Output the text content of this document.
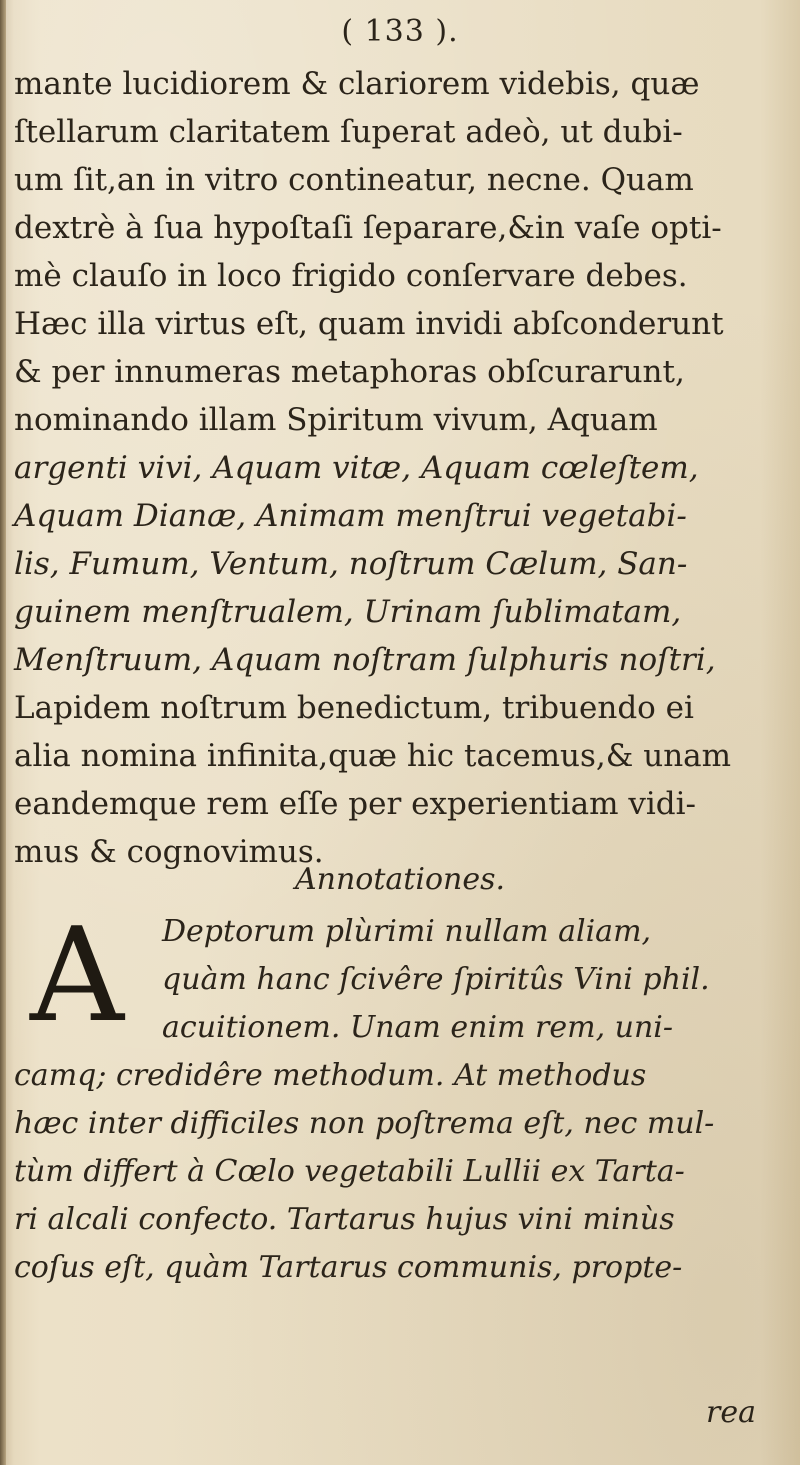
( 133 ).
mante lucidiorem & clariorem videbis, quæ
ſtellarum claritatem ſuperat adeò, ut dubi-
um ſit,an in vitro contineatur, necne. Quam
dextrè à ſua hypoſtaſi ſeparare,&in vaſe opti-
mè clauſo in loco frigido conſervare debes.
Hæc illa virtus eſt, quam invidi abſconderunt
& per innumeras metaphoras obſcurarunt,
nominando illam Spiritum vivum, Aquam
argenti vivi, Aquam vitæ, Aquam cœleſtem,
Aquam Dianæ, Animam menſtrui vegetabi-
lis, Fumum, Ventum, noſtrum Cælum, San-
guinem menſtrualem, Urinam ſublimatam,
Menſtruum, Aquam noſtram ſulphuris noſtri,
Lapidem noſtrum benedictum, tribuendo ei
alia nomina infinita,quæ hic tacemus,& unam
eandemque rem eſſe per experientiam vidi-
mus & cognovimus.
Annotationes.
A	Deptorum plùrimi nullam aliam,
quàm hanc ſcivêre ſpiritûs Vini phil.
acuitionem. Unam enim rem, uni-
camq; credidêre methodum. At methodus
hæc inter difficiles non poſtrema eſt, nec mul-
tùm differt à Cœlo vegetabili Lullii ex Tarta-
ri alcali confecto. Tartarus hujus vini minùs
coſus eſt, quàm Tartarus communis, propte-
rea
